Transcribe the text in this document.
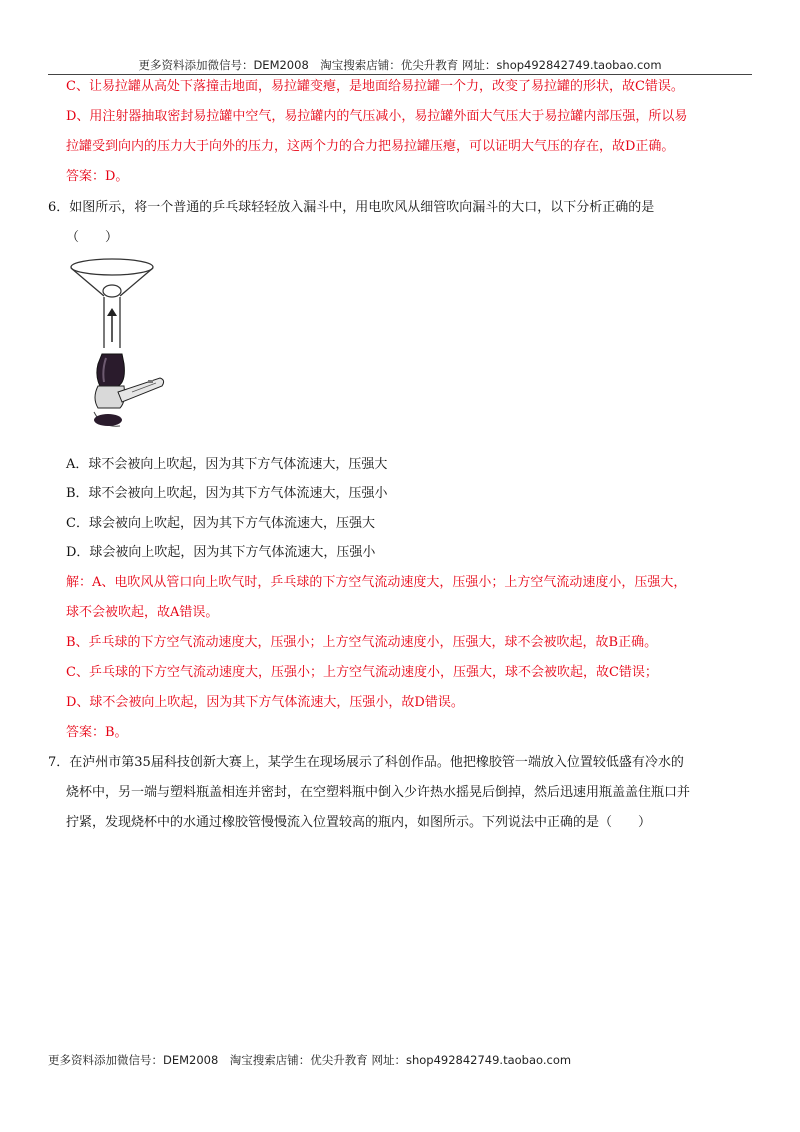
更多资料添加微信号：DEM2008　淘宝搜索店铺：优尖升教育 网址：shop492842749.taobao.com
C、让易拉罐从高处下落撞击地面，易拉罐变瘪，是地面给易拉罐一个力，改变了易拉罐的形状，故C错误。
D、用注射器抽取密封易拉罐中空气，易拉罐内的气压减小，易拉罐外面大气压大于易拉罐内部压强，所以易
拉罐受到向内的压力大于向外的压力，这两个力的合力把易拉罐压瘪，可以证明大气压的存在，故D正确。
答案：D。
6．如图所示，将一个普通的乒乓球轻轻放入漏斗中，用电吹风从细管吹向漏斗的大口，以下分析正确的是
（　　）
A．球不会被向上吹起，因为其下方气体流速大，压强大
B．球不会被向上吹起，因为其下方气体流速大，压强小
C．球会被向上吹起，因为其下方气体流速大，压强大
D．球会被向上吹起，因为其下方气体流速大，压强小
解：A、电吹风从管口向上吹气时，乒乓球的下方空气流动速度大，压强小；上方空气流动速度小，压强大，
球不会被吹起，故A错误。
B、乒乓球的下方空气流动速度大，压强小；上方空气流动速度小，压强大，球不会被吹起，故B正确。
C、乒乓球的下方空气流动速度大，压强小；上方空气流动速度小，压强大，球不会被吹起，故C错误；
D、球不会被向上吹起，因为其下方气体流速大，压强小，故D错误。
答案：B。
7．在泸州市第35届科技创新大赛上，某学生在现场展示了科创作品。他把橡胶管一端放入位置较低盛有冷水的
烧杯中，另一端与塑料瓶盖相连并密封，在空塑料瓶中倒入少许热水摇晃后倒掉，然后迅速用瓶盖盖住瓶口并
拧紧，发现烧杯中的水通过橡胶管慢慢流入位置较高的瓶内，如图所示。下列说法中正确的是（　　）
更多资料添加微信号：DEM2008　淘宝搜索店铺：优尖升教育 网址：shop492842749.taobao.com
